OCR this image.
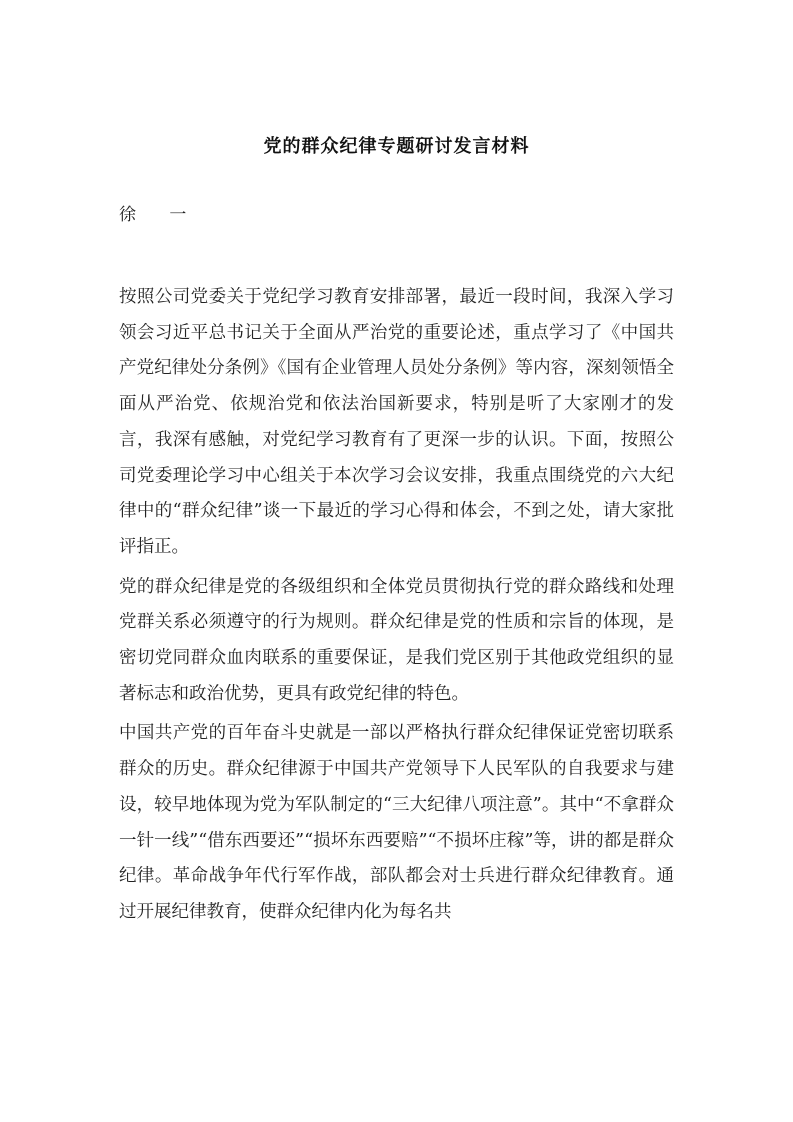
党的群众纪律专题研讨发言材料
徐 一

按照公司党委关于党纪学习教育安排部署，最近一段时间，我深入学习领会习近平总书记关于全面从严治党的重要论述，重点学习了《中国共产党纪律处分条例》《国有企业管理人员处分条例》等内容，深刻领悟全面从严治党、依规治党和依法治国新要求，特别是听了大家刚才的发言，我深有感触，对党纪学习教育有了更深一步的认识。下面，按照公司党委理论学习中心组关于本次学习会议安排，我重点围绕党的六大纪律中的“群众纪律”谈一下最近的学习心得和体会，不到之处，请大家批评指正。

党的群众纪律是党的各级组织和全体党员贯彻执行党的群众路线和处理党群关系必须遵守的行为规则。群众纪律是党的性质和宗旨的体现，是密切党同群众血肉联系的重要保证，是我们党区别于其他政党组织的显著标志和政治优势，更具有政党纪律的特色。

中国共产党的百年奋斗史就是一部以严格执行群众纪律保证党密切联系群众的历史。群众纪律源于中国共产党领导下人民军队的自我要求与建设，较早地体现为党为军队制定的“三大纪律八项注意”。其中“不拿群众一针一线”“借东西要还”“损坏东西要赔”“不损坏庄稼”等，讲的都是群众纪律。革命战争年代行军作战，部队都会对士兵进行群众纪律教育。通过开展纪律教育，使群众纪律内化为每名共
